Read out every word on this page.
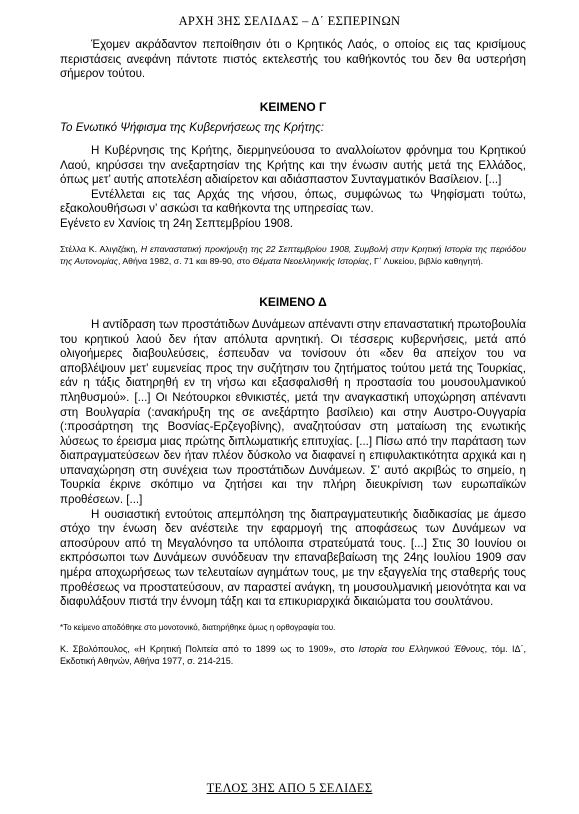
ΑΡΧΗ 3ΗΣ ΣΕΛΙΔΑΣ – Δ΄ ΕΣΠΕΡΙΝΩΝ

Έχομεν ακράδαντον πεποίθησιν ότι ο Κρητικός Λαός, ο οποίος εις τας κρισίμους περιστάσεις ανεφάνη πάντοτε πιστός εκτελεστής του καθήκοντός του δεν θα υστερήση σήμερον τούτου.

ΚΕΙΜΕΝΟ Γ

Το Ενωτικό Ψήφισμα της Κυβερνήσεως της Κρήτης:

Η Κυβέρνησις της Κρήτης, διερμηνεύουσα το αναλλοίωτον φρόνημα του Κρητικού Λαού, κηρύσσει την ανεξαρτησίαν της Κρήτης και την ένωσιν αυτής μετά της Ελλάδος, όπως μετ’ αυτής αποτελέση αδιαίρετον και αδιάσπαστον Συνταγματικόν Βασίλειον. [...]

Εντέλλεται εις τας Αρχάς της νήσου, όπως, συμφώνως τω Ψηφίσματι τούτω, εξακολουθήσωσι ν’ ασκώσι τα καθήκοντα της υπηρεσίας των.

Εγένετο εν Χανίοις τη 24η Σεπτεμβρίου 1908.

Στέλλα Κ. Αλιγιζάκη, Η επαναστατική προκήρυξη της 22 Σεπτεμβρίου 1908, Συμβολή στην Κρητική Ιστορία της περιόδου της Αυτονομίας, Αθήνα 1982, σ. 71 και 89-90, στο Θέματα Νεοελληνικής Ιστορίας, Γ΄ Λυκείου, βιβλίο καθηγητή.

ΚΕΙΜΕΝΟ Δ

Η αντίδραση των προστάτιδων Δυνάμεων απέναντι στην επαναστατική πρωτοβουλία του κρητικού λαού δεν ήταν απόλυτα αρνητική. Οι τέσσερις κυβερνήσεις, μετά από ολιγοήμερες διαβουλεύσεις, έσπευδαν να τονίσουν ότι «δεν θα απείχον του να αποβλέψουν μετ’ ευμενείας προς την συζήτησιν του ζητήματος τούτου μετά της Τουρκίας, εάν η τάξις διατηρηθή εν τη νήσω και εξασφαλισθή η προστασία του μουσουλμανικού πληθυσμού». [...] Οι Νεότουρκοι εθνικιστές, μετά την αναγκαστική υποχώρηση απέναντι στη Βουλγαρία (:ανακήρυξη της σε ανεξάρτητο βασίλειο) και στην Αυστρο-Ουγγαρία (:προσάρτηση της Βοσνίας-Ερζεγοβίνης), αναζητούσαν στη ματαίωση της ενωτικής λύσεως το έρεισμα μιας πρώτης διπλωματικής επιτυχίας. [...] Πίσω από την παράταση των διαπραγματεύσεων δεν ήταν πλέον δύσκολο να διαφανεί η επιφυλακτικότητα αρχικά και η υπαναχώρηση στη συνέχεια των προστάτιδων Δυνάμεων. Σ’ αυτό ακριβώς το σημείο, η Τουρκία έκρινε σκόπιμο να ζητήσει και την πλήρη διευκρίνιση των ευρωπαϊκών προθέσεων. [...]

Η ουσιαστική εντούτοις απεμπόληση της διαπραγματευτικής διαδικασίας με άμεσο στόχο την ένωση δεν ανέστειλε την εφαρμογή της αποφάσεως των Δυνάμεων να αποσύρουν από τη Μεγαλόνησο τα υπόλοιπα στρατεύματά τους. [...] Στις 30 Ιουνίου οι εκπρόσωποι των Δυνάμεων συνόδευαν την επαναβεβαίωση της 24ης Ιουλίου 1909 σαν ημέρα αποχωρήσεως των τελευταίων αγημάτων τους, με την εξαγγελία της σταθερής τους προθέσεως να προστατεύσουν, αν παραστεί ανάγκη, τη μουσουλμανική μειονότητα και να διαφυλάξουν πιστά την έννομη τάξη και τα επικυριαρχικά δικαιώματα του σουλτάνου.

*Το κείμενο αποδόθηκε στο μονοτονικό, διατηρήθηκε όμως η ορθογραφία του.

Κ. Σβολόπουλος, «Η Κρητική Πολιτεία από το 1899 ως το 1909», στο Ιστορία του Ελληνικού Έθνους, τόμ. ΙΔ΄, Εκδοτική Αθηνών, Αθήνα 1977, σ. 214-215.

ΤΕΛΟΣ 3ΗΣ ΑΠΟ 5 ΣΕΛΙΔΕΣ
